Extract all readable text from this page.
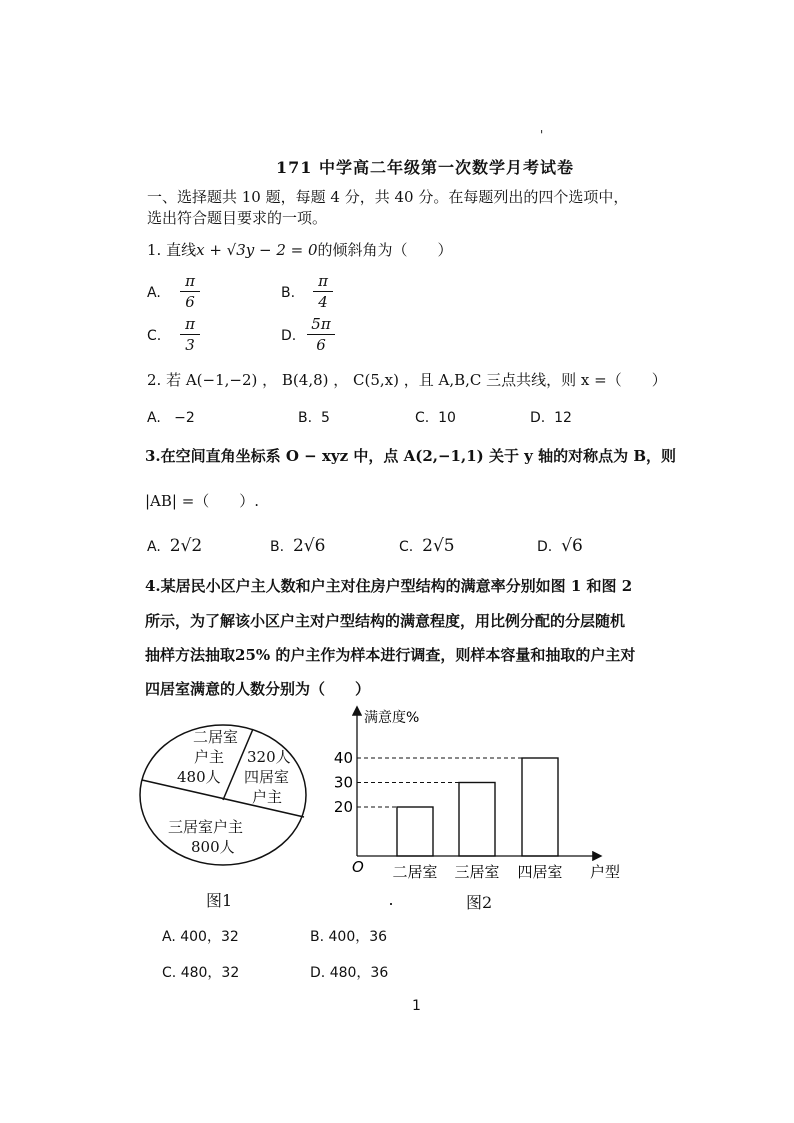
'
171 中学高二年级第一次数学月考试卷
一、选择题共 10 题，每题 4 分，共 40 分。在每题列出的四个选项中，
选出符合题目要求的一项。
1. 直线x + √3y − 2 = 0的倾斜角为（　　）
A.
π
6	B.
π
4
C.
π
3	D.
5π
6
2. 若 A(−1,−2) ， B(4,8) ， C(5,x) ，且 A,B,C 三点共线，则 x =（　　）
A. −2	B. 5	C. 10	D. 12
3.在空间直角坐标系 O − xyz 中，点 A(2,−1,1) 关于 y 轴的对称点为 B，则
|AB| =（　　）.
A. 2√2	B. 2√6	C. 2√5	D. √6
4.某居民小区户主人数和户主对住房户型结构的满意率分别如图 1 和图 2
所示，为了解该小区户主对户型结构的满意程度，用比例分配的分层随机
抽样方法抽取25% 的户主作为样本进行调查，则样本容量和抽取的户主对
四居室满意的人数分别为（　　）
二居室
户主
480人
320人
四居室
户主
三居室户主
800人
图1
满意度%
O
20
30
40
二居室 三居室 四居室 户型
图2
A. 400，32	B. 400，36
C. 480，32	D. 480，36
1
